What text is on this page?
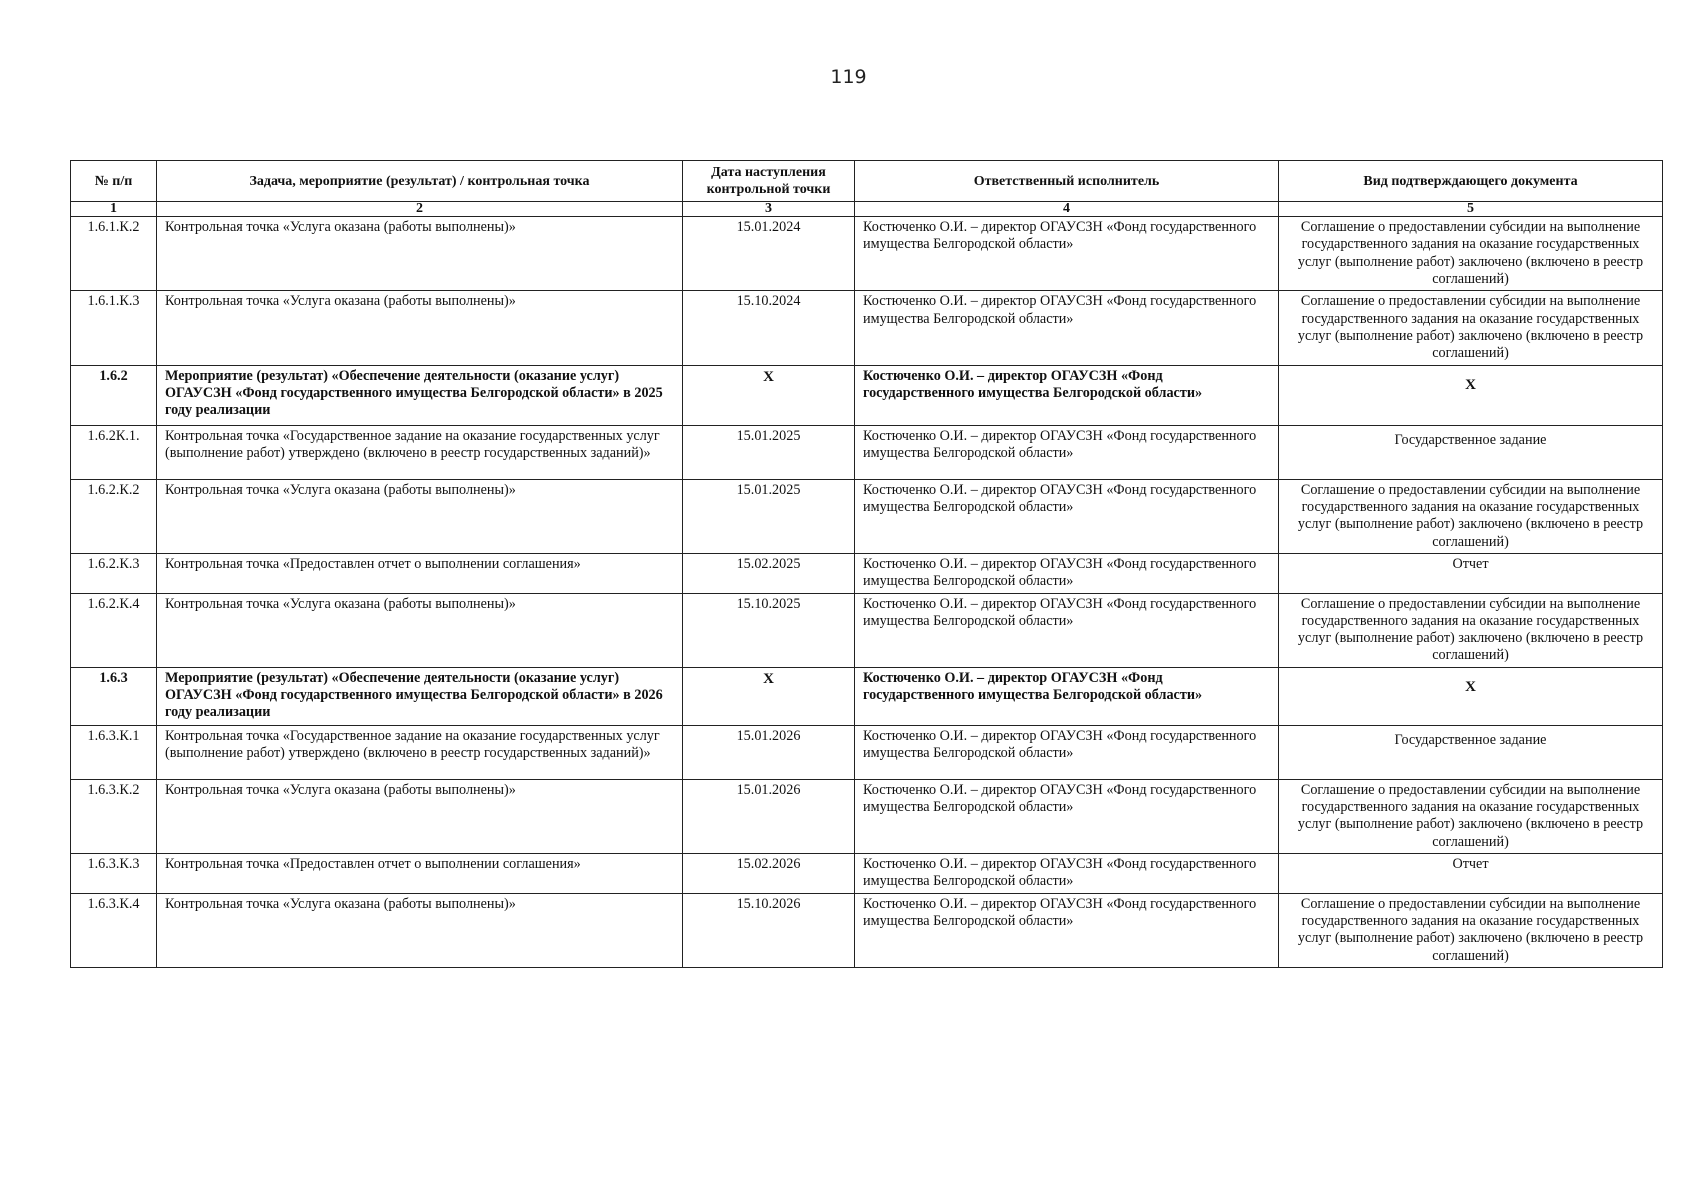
119
№ п/п	Задача, мероприятие (результат) / контрольная точка	Дата наступления контрольной точки	Ответственный исполнитель	Вид подтверждающего документа
1	2	3	4	5
1.6.1.К.2	Контрольная точка «Услуга оказана (работы выполнены)»	15.01.2024	Костюченко О.И. – директор ОГАУСЗН «Фонд государственного имущества Белгородской области»	Соглашение о предоставлении субсидии на выполнение государственного задания на оказание государственных услуг (выполнение работ) заключено (включено в реестр соглашений)
1.6.1.К.3	Контрольная точка «Услуга оказана (работы выполнены)»	15.10.2024	Костюченко О.И. – директор ОГАУСЗН «Фонд государственного имущества Белгородской области»	Соглашение о предоставлении субсидии на выполнение государственного задания на оказание государственных услуг (выполнение работ) заключено (включено в реестр соглашений)
1.6.2	Мероприятие (результат) «Обеспечение деятельности (оказание услуг) ОГАУСЗН «Фонд государственного имущества Белгородской области» в 2025 году реализации	Х	Костюченко О.И. – директор ОГАУСЗН «Фонд государственного имущества Белгородской области»	Х
1.6.2К.1.	Контрольная точка «Государственное задание на оказание государственных услуг (выполнение работ) утверждено (включено в реестр государственных заданий)»	15.01.2025	Костюченко О.И. – директор ОГАУСЗН «Фонд государственного имущества Белгородской области»	Государственное задание
1.6.2.К.2	Контрольная точка «Услуга оказана (работы выполнены)»	15.01.2025	Костюченко О.И. – директор ОГАУСЗН «Фонд государственного имущества Белгородской области»	Соглашение о предоставлении субсидии на выполнение государственного задания на оказание государственных услуг (выполнение работ) заключено (включено в реестр соглашений)
1.6.2.К.3	Контрольная точка «Предоставлен отчет о выполнении соглашения»	15.02.2025	Костюченко О.И. – директор ОГАУСЗН «Фонд государственного имущества Белгородской области»	Отчет
1.6.2.К.4	Контрольная точка «Услуга оказана (работы выполнены)»	15.10.2025	Костюченко О.И. – директор ОГАУСЗН «Фонд государственного имущества Белгородской области»	Соглашение о предоставлении субсидии на выполнение государственного задания на оказание государственных услуг (выполнение работ) заключено (включено в реестр соглашений)
1.6.3	Мероприятие (результат) «Обеспечение деятельности (оказание услуг) ОГАУСЗН «Фонд государственного имущества Белгородской области» в 2026 году реализации	Х	Костюченко О.И. – директор ОГАУСЗН «Фонд государственного имущества Белгородской области»	Х
1.6.3.К.1	Контрольная точка «Государственное задание на оказание государственных услуг (выполнение работ) утверждено (включено в реестр государственных заданий)»	15.01.2026	Костюченко О.И. – директор ОГАУСЗН «Фонд государственного имущества Белгородской области»	Государственное задание
1.6.3.К.2	Контрольная точка «Услуга оказана (работы выполнены)»	15.01.2026	Костюченко О.И. – директор ОГАУСЗН «Фонд государственного имущества Белгородской области»	Соглашение о предоставлении субсидии на выполнение государственного задания на оказание государственных услуг (выполнение работ) заключено (включено в реестр соглашений)
1.6.3.К.3	Контрольная точка «Предоставлен отчет о выполнении соглашения»	15.02.2026	Костюченко О.И. – директор ОГАУСЗН «Фонд государственного имущества Белгородской области»	Отчет
1.6.3.К.4	Контрольная точка «Услуга оказана (работы выполнены)»	15.10.2026	Костюченко О.И. – директор ОГАУСЗН «Фонд государственного имущества Белгородской области»	Соглашение о предоставлении субсидии на выполнение государственного задания на оказание государственных услуг (выполнение работ) заключено (включено в реестр соглашений)
